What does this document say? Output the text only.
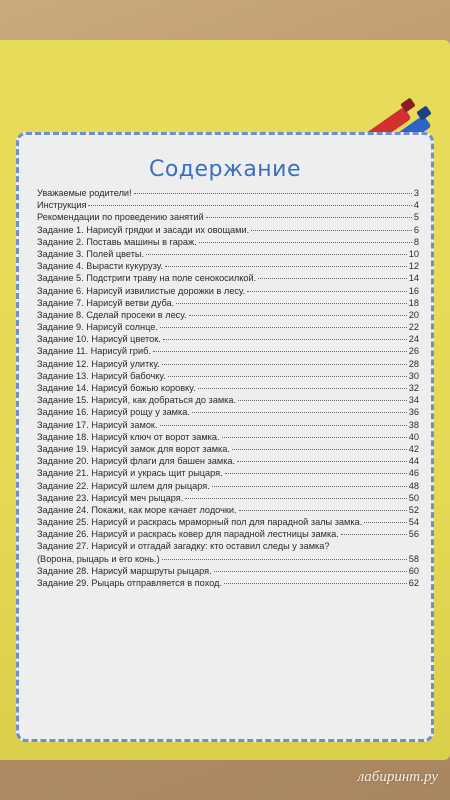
Содержание
Уважаемые родители!	3
Инструкция	4
Рекомендации по проведению занятий	5
Задание 1. Нарисуй грядки и засади их овощами.	6
Задание 2. Поставь машины в гараж.	8
Задание 3. Полей цветы.	10
Задание 4. Вырасти кукурузу.	12
Задание 5. Подстриги траву на поле сенокосилкой.	14
Задание 6. Нарисуй извилистые дорожки в лесу.	16
Задание 7. Нарисуй ветви дуба.	18
Задание 8. Сделай просеки в лесу.	20
Задание 9. Нарисуй солнце.	22
Задание 10. Нарисуй цветок.	24
Задание 11. Нарисуй гриб.	26
Задание 12. Нарисуй улитку.	28
Задание 13. Нарисуй бабочку.	30
Задание 14. Нарисуй божью коровку.	32
Задание 15. Нарисуй, как добраться до замка.	34
Задание 16. Нарисуй рощу у замка.	36
Задание 17. Нарисуй замок.	38
Задание 18. Нарисуй ключ от ворот замка.	40
Задание 19. Нарисуй замок для ворот замка.	42
Задание 20. Нарисуй флаги для башен замка.	44
Задание 21. Нарисуй и укрась щит рыцаря.	46
Задание 22. Нарисуй шлем для рыцаря.	48
Задание 23. Нарисуй меч рыцаря.	50
Задание 24. Покажи, как море качает лодочки.	52
Задание 25. Нарисуй и раскрась мраморный пол для парадной залы замка.	54
Задание 26. Нарисуй и раскрась ковер для парадной лестницы замка.	56
Задание 27. Нарисуй и отгадай загадку: кто оставил следы у замка?
(Ворона, рыцарь и его конь.)	58
Задание 28. Нарисуй маршруты рыцаря.	60
Задание 29. Рыцарь отправляется в поход.	62
лабиринт.ру
